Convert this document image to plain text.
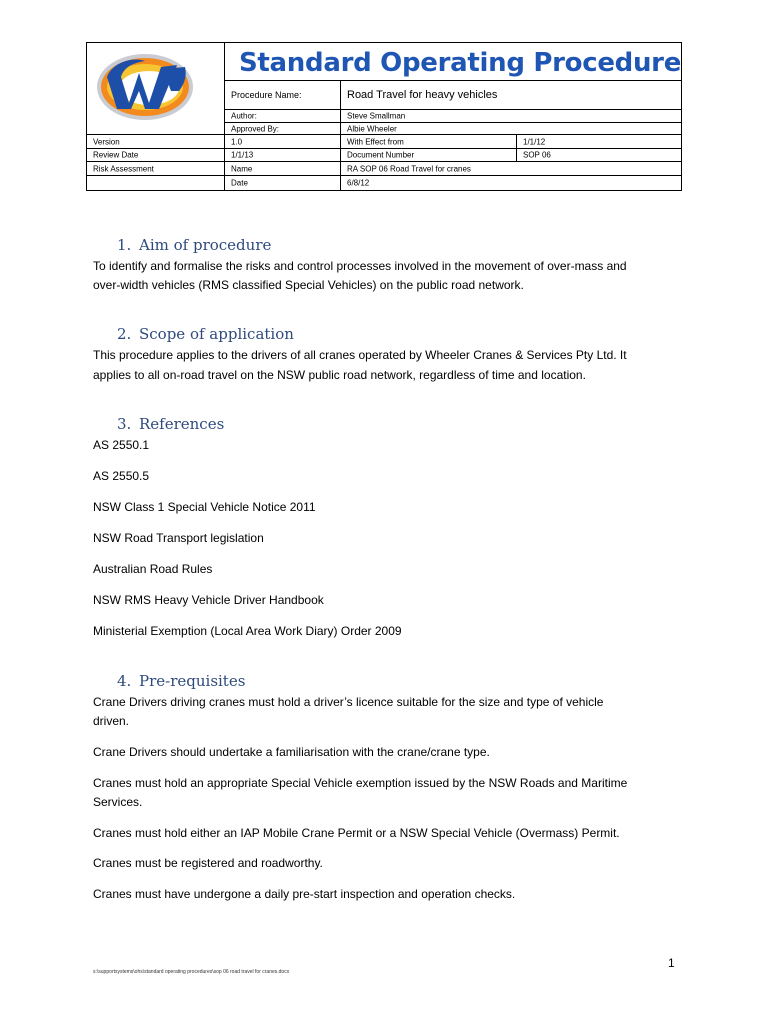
Standard Operating Procedure
Procedure Name:	Road Travel for heavy vehicles
Author:	Steve Smallman
Approved By:	Albie Wheeler
Version	1.0	With Effect from	1/1/12
Review Date	1/1/13	Document Number	SOP 06
Risk Assessment	Name	RA SOP 06 Road Travel for cranes
Date	6/8/12
1. Aim of procedure
To identify and formalise the risks and control processes involved in the movement of over-mass and
over-width vehicles (RMS classified Special Vehicles) on the public road network.
2. Scope of application
This procedure applies to the drivers of all cranes operated by Wheeler Cranes & Services Pty Ltd. It
applies to all on-road travel on the NSW public road network, regardless of time and location.
3. References
AS 2550.1
AS 2550.5
NSW Class 1 Special Vehicle Notice 2011
NSW Road Transport legislation
Australian Road Rules
NSW RMS Heavy Vehicle Driver Handbook
Ministerial Exemption (Local Area Work Diary) Order 2009
4. Pre-requisites
Crane Drivers driving cranes must hold a driver’s licence suitable for the size and type of vehicle
driven.
Crane Drivers should undertake a familiarisation with the crane/crane type.
Cranes must hold an appropriate Special Vehicle exemption issued by the NSW Roads and Maritime
Services.
Cranes must hold either an IAP Mobile Crane Permit or a NSW Special Vehicle (Overmass) Permit.
Cranes must be registered and roadworthy.
Cranes must have undergone a daily pre-start inspection and operation checks.
1
s:\supportsystems\ohs\standard operating procedures\sop 06 road travel for cranes.docx
